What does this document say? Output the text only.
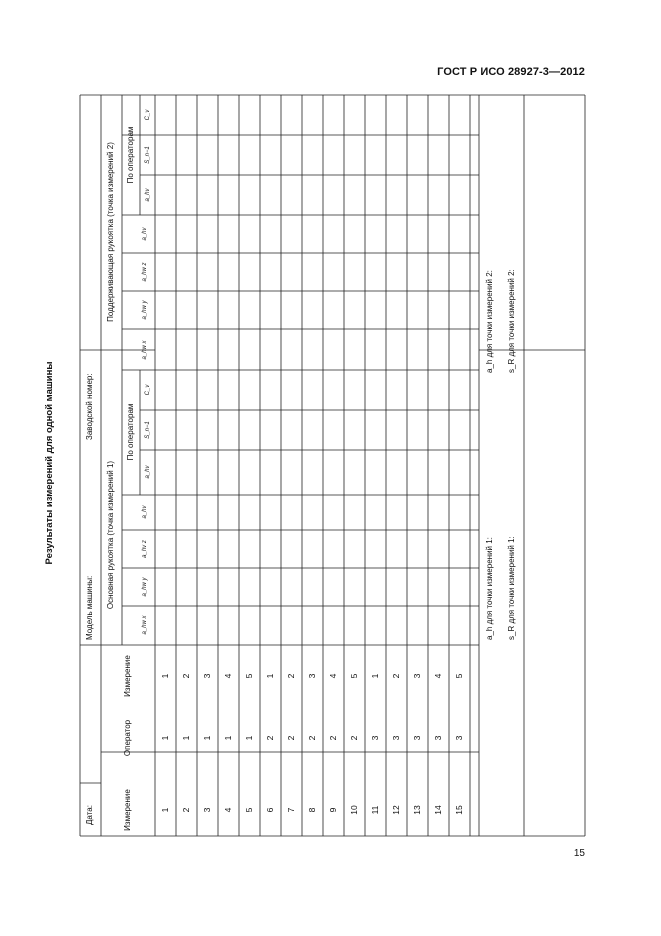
ГОСТ Р ИСО 28927-3—2012
15
Результаты измерений для одной машины
Дата:
Модель машины:
Заводской номер:
Измерение
Оператор
Измерение
Основная рукоятка (точка измерений 1)
Поддерживающая рукоятка (точка измерений 2)
По операторам
По операторам
a_hw x
a_hw y
a_hv z
a_hv
a_hv
S_n−1
C_v
a_hw x
a_hw y
a_hw z
a_hv
a_hv
S_n−1
C_v
1
1
1
2
1
2
3
1
3
4
1
4
5
1
5
6
2
1
7
2
2
8
2
3
9
2
4
10
2
5
11
3
1
12
3
2
13
3
3
14
3
4
15
3
5
a_h для точки измерений 1: s_R для точки измерений 1:
a_h для точки измерений 2: s_R для точки измерений 2:
